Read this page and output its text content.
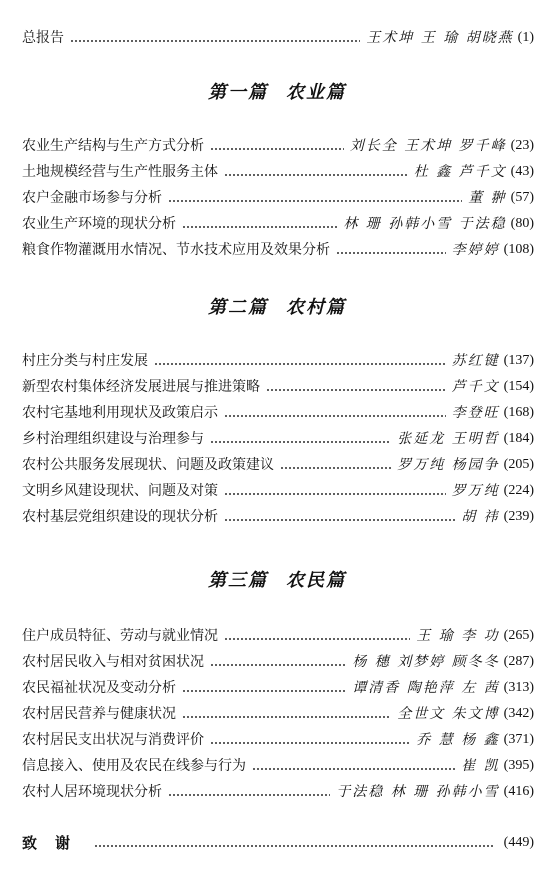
总报告	王术坤 王 瑜 胡晓燕 (1)
第一篇 农业篇
农业生产结构与生产方式分析	刘长全 王术坤 罗千峰 (23)
土地规模经营与生产性服务主体	杜 鑫 芦千文 (43)
农户金融市场参与分析	董 翀 (57)
农业生产环境的现状分析	林 珊 孙韩小雪 于法稳 (80)
粮食作物灌溉用水情况、节水技术应用及效果分析	李婷婷 (108)
第二篇 农村篇
村庄分类与村庄发展	苏红键 (137)
新型农村集体经济发展进展与推进策略	芦千文 (154)
农村宅基地利用现状及政策启示	李登旺 (168)
乡村治理组织建设与治理参与	张延龙 王明哲 (184)
农村公共服务发展现状、问题及政策建议	罗万纯 杨园争 (205)
文明乡风建设现状、问题及对策	罗万纯 (224)
农村基层党组织建设的现状分析	胡 祎 (239)
第三篇 农民篇
住户成员特征、劳动与就业情况	王 瑜 李 功 (265)
农村居民收入与相对贫困状况	杨 穗 刘梦婷 顾冬冬 (287)
农民福祉状况及变动分析	谭清香 陶艳萍 左 茜 (313)
农村居民营养与健康状况	全世文 朱文博 (342)
农村居民支出状况与消费评价	乔 慧 杨 鑫 (371)
信息接入、使用及农民在线参与行为	崔 凯 (395)
农村人居环境现状分析	于法稳 林 珊 孙韩小雪 (416)
致谢	(449)
